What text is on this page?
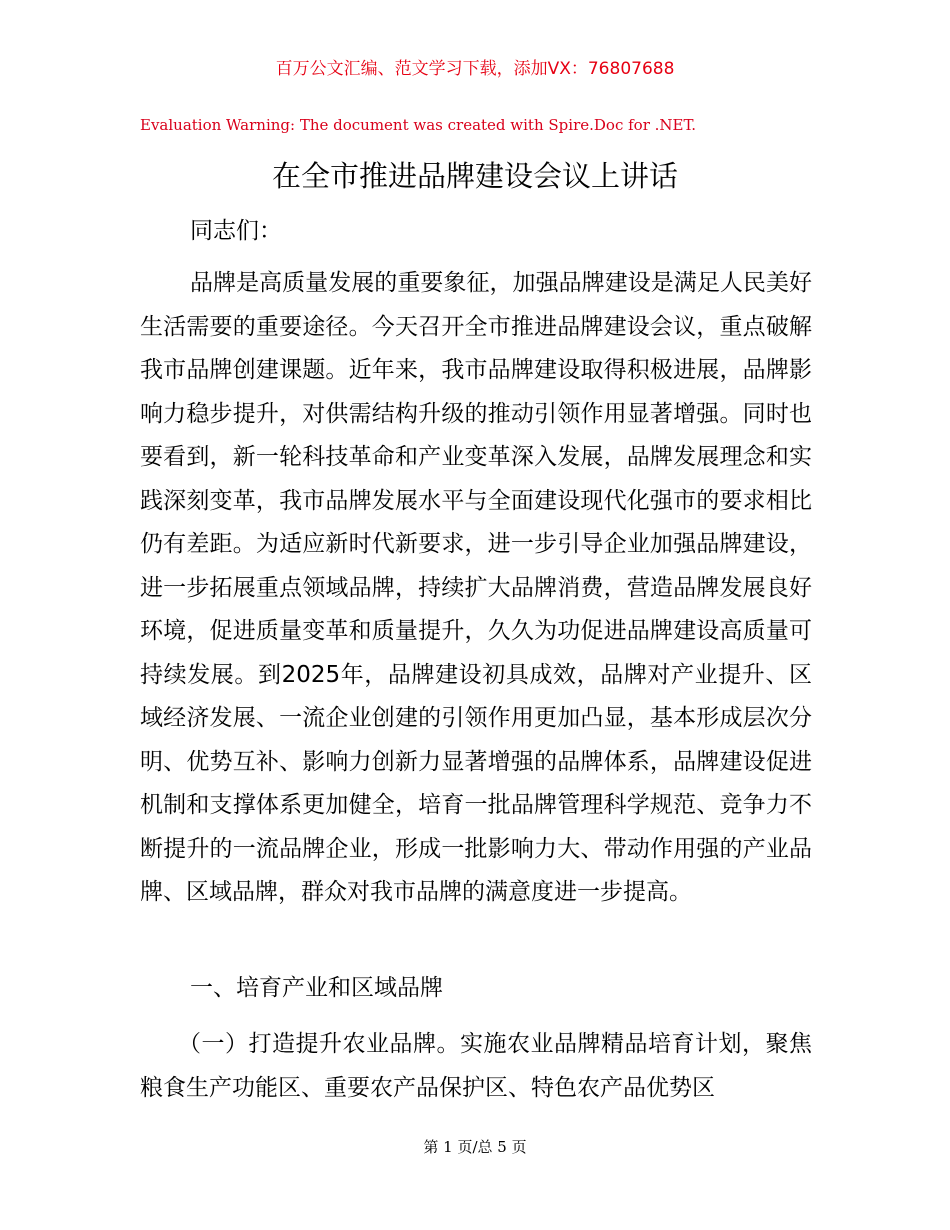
百万公文汇编、范文学习下载，添加VX：76807688
Evaluation Warning: The document was created with Spire.Doc for .NET.
在全市推进品牌建设会议上讲话
同志们：

品牌是高质量发展的重要象征，加强品牌建设是满足人民美好生活需要的重要途径。今天召开全市推进品牌建设会议，重点破解我市品牌创建课题。近年来，我市品牌建设取得积极进展，品牌影响力稳步提升，对供需结构升级的推动引领作用显著增强。同时也要看到，新一轮科技革命和产业变革深入发展，品牌发展理念和实践深刻变革，我市品牌发展水平与全面建设现代化强市的要求相比仍有差距。为适应新时代新要求，进一步引导企业加强品牌建设，进一步拓展重点领域品牌，持续扩大品牌消费，营造品牌发展良好环境，促进质量变革和质量提升，久久为功促进品牌建设高质量可持续发展。到2025年，品牌建设初具成效，品牌对产业提升、区域经济发展、一流企业创建的引领作用更加凸显，基本形成层次分明、优势互补、影响力创新力显著增强的品牌体系，品牌建设促进机制和支撑体系更加健全，培育一批品牌管理科学规范、竞争力不断提升的一流品牌企业，形成一批影响力大、带动作用强的产业品牌、区域品牌，群众对我市品牌的满意度进一步提高。

一、培育产业和区域品牌

（一）打造提升农业品牌。实施农业品牌精品培育计划，聚焦粮食生产功能区、重要农产品保护区、特色农产品优势区

第 1 页/总 5 页
